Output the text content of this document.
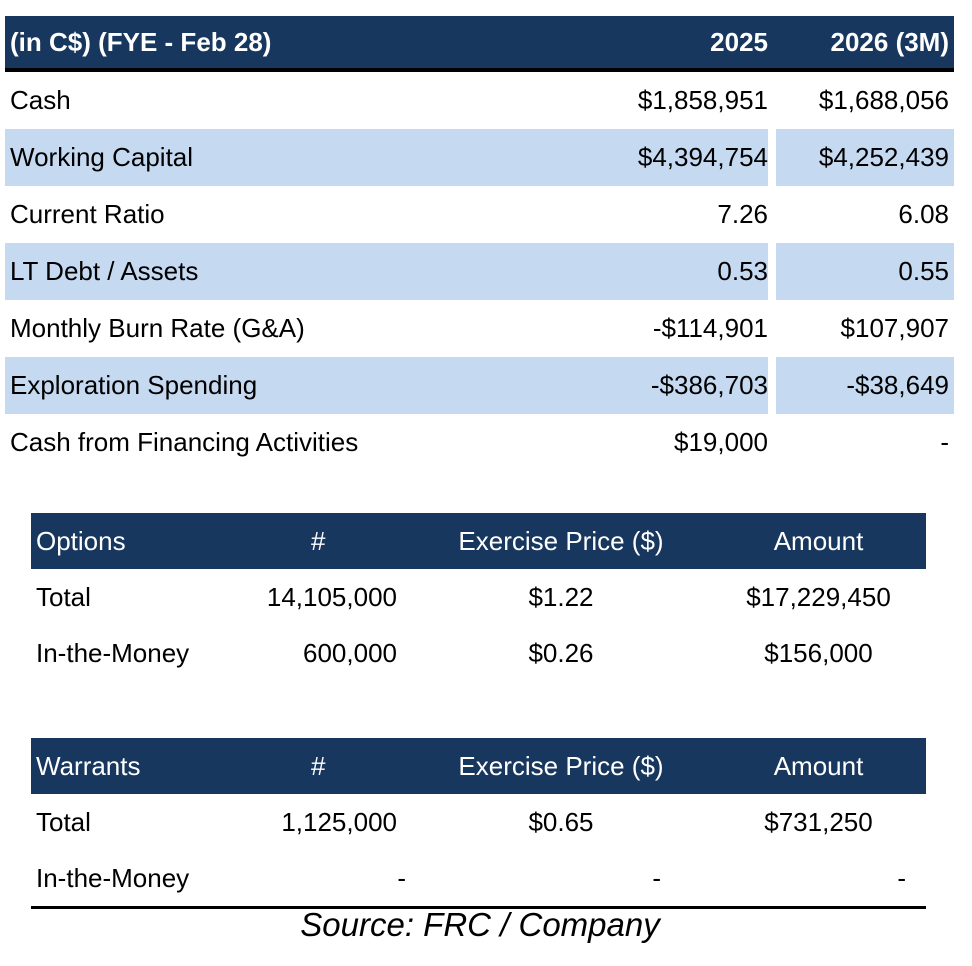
(in C$) (FYE - Feb 28)	2025 2026 (3M)
Cash	$1,858,951 $1,688,056
Working Capital	$4,394,754 $4,252,439
Current Ratio	7.26	6.08
LT Debt / Assets	0.53	0.55
Monthly Burn Rate (G&A)	-$114,901	$107,907
Exploration Spending	-$386,703	-$38,649
Cash from Financing Activities	$19,000	-
Options	#	Exercise Price ($)	Amount
Total	14,105,000	$1.22	$17,229,450
In-the-Money	600,000	$0.26	$156,000
Warrants	#	Exercise Price ($)	Amount
Total	1,125,000	$0.65	$731,250
In-the-Money	-	-	-
Source: FRC / Company
